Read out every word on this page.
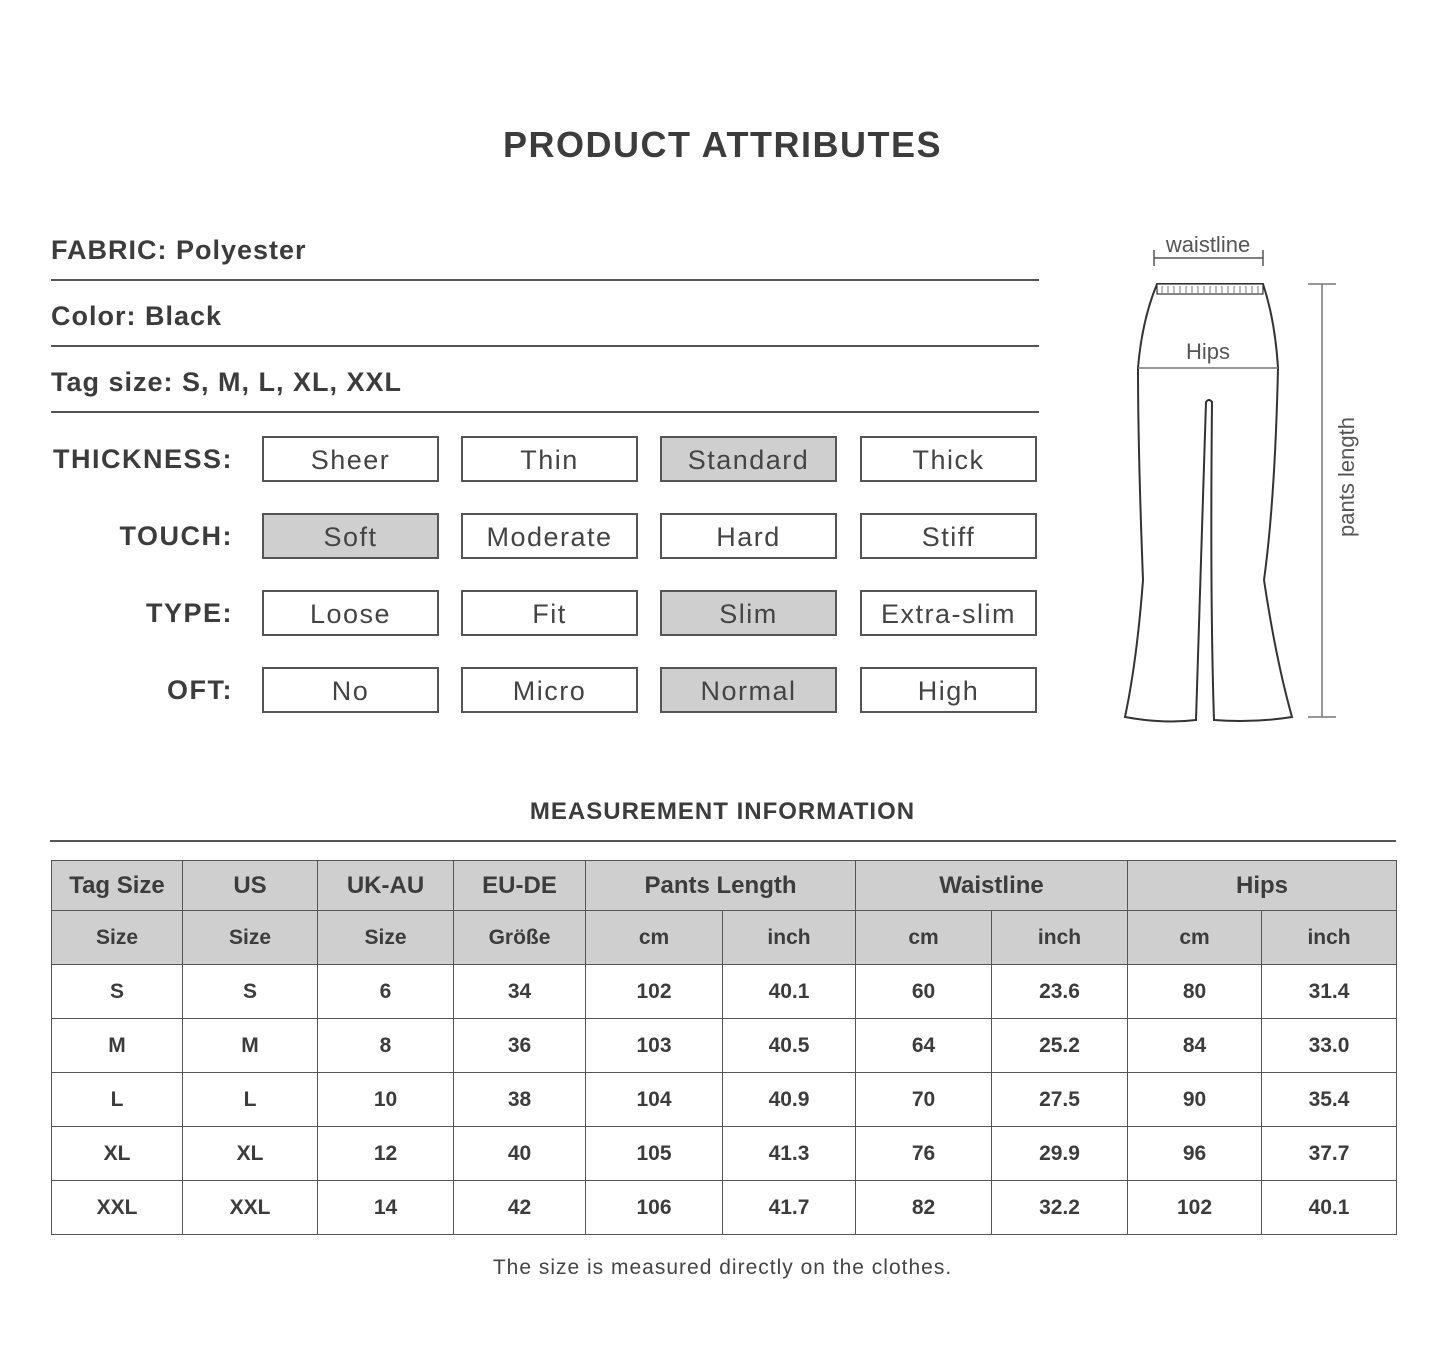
PRODUCT ATTRIBUTES
FABRIC: Polyester
Color: Black
Tag size: S, M, L, XL, XXL
THICKNESS:	Sheer	Thin	Standard	Thick
TOUCH:	Soft	Moderate	Hard	Stiff
TYPE:	Loose	Fit	Slim	Extra-slim
OFT:	No	Micro	Normal	High
waistline
Hips
pants length
MEASUREMENT INFORMATION
Tag Size	US	UK-AU	EU-DE	Pants Length		Waistline		Hips	
Size	Size	Size	Größe	cm	inch	cm	inch	cm	inch
S	S	6	34	102	40.1	60	23.6	80	31.4
M	M	8	36	103	40.5	64	25.2	84	33.0
L	L	10	38	104	40.9	70	27.5	90	35.4
XL	XL	12	40	105	41.3	76	29.9	96	37.7
XXL	XXL	14	42	106	41.7	82	32.2	102	40.1
The size is measured directly on the clothes.
